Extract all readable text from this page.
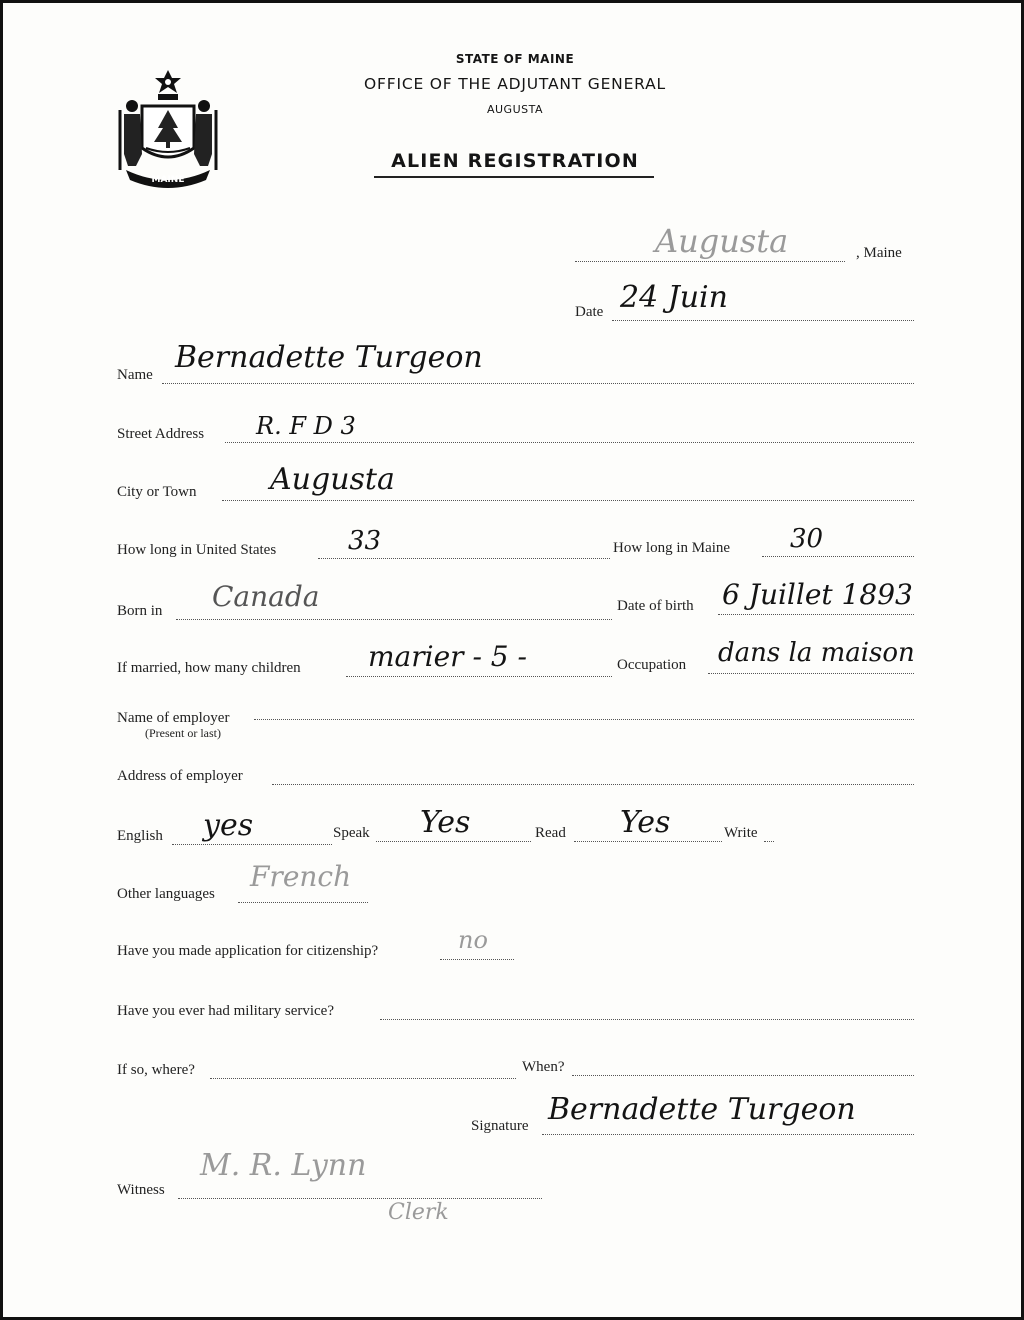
MAINE
STATE OF MAINE
OFFICE OF THE ADJUTANT GENERAL
AUGUSTA
ALIEN REGISTRATION
Augusta	, Maine
Date 24 Juin
Name Bernadette Turgeon
Street Address R. F D 3
City or Town Augusta
How long in United States	33	How long in Maine 30
Born in Canada	Date of birth 6 Juillet 1893
If married, how many children marier - 5 -	Occupation dans la maison
Name of employer
(Present or last)
Address of employer
English yes	Speak Yes	Read Yes	Write
Other languages
French
Have you made application for citizenship?	no
Have you ever had military service?
If so, where?	When?
Signature Bernadette Turgeon
Witness
M. R. Lynn
Clerk
